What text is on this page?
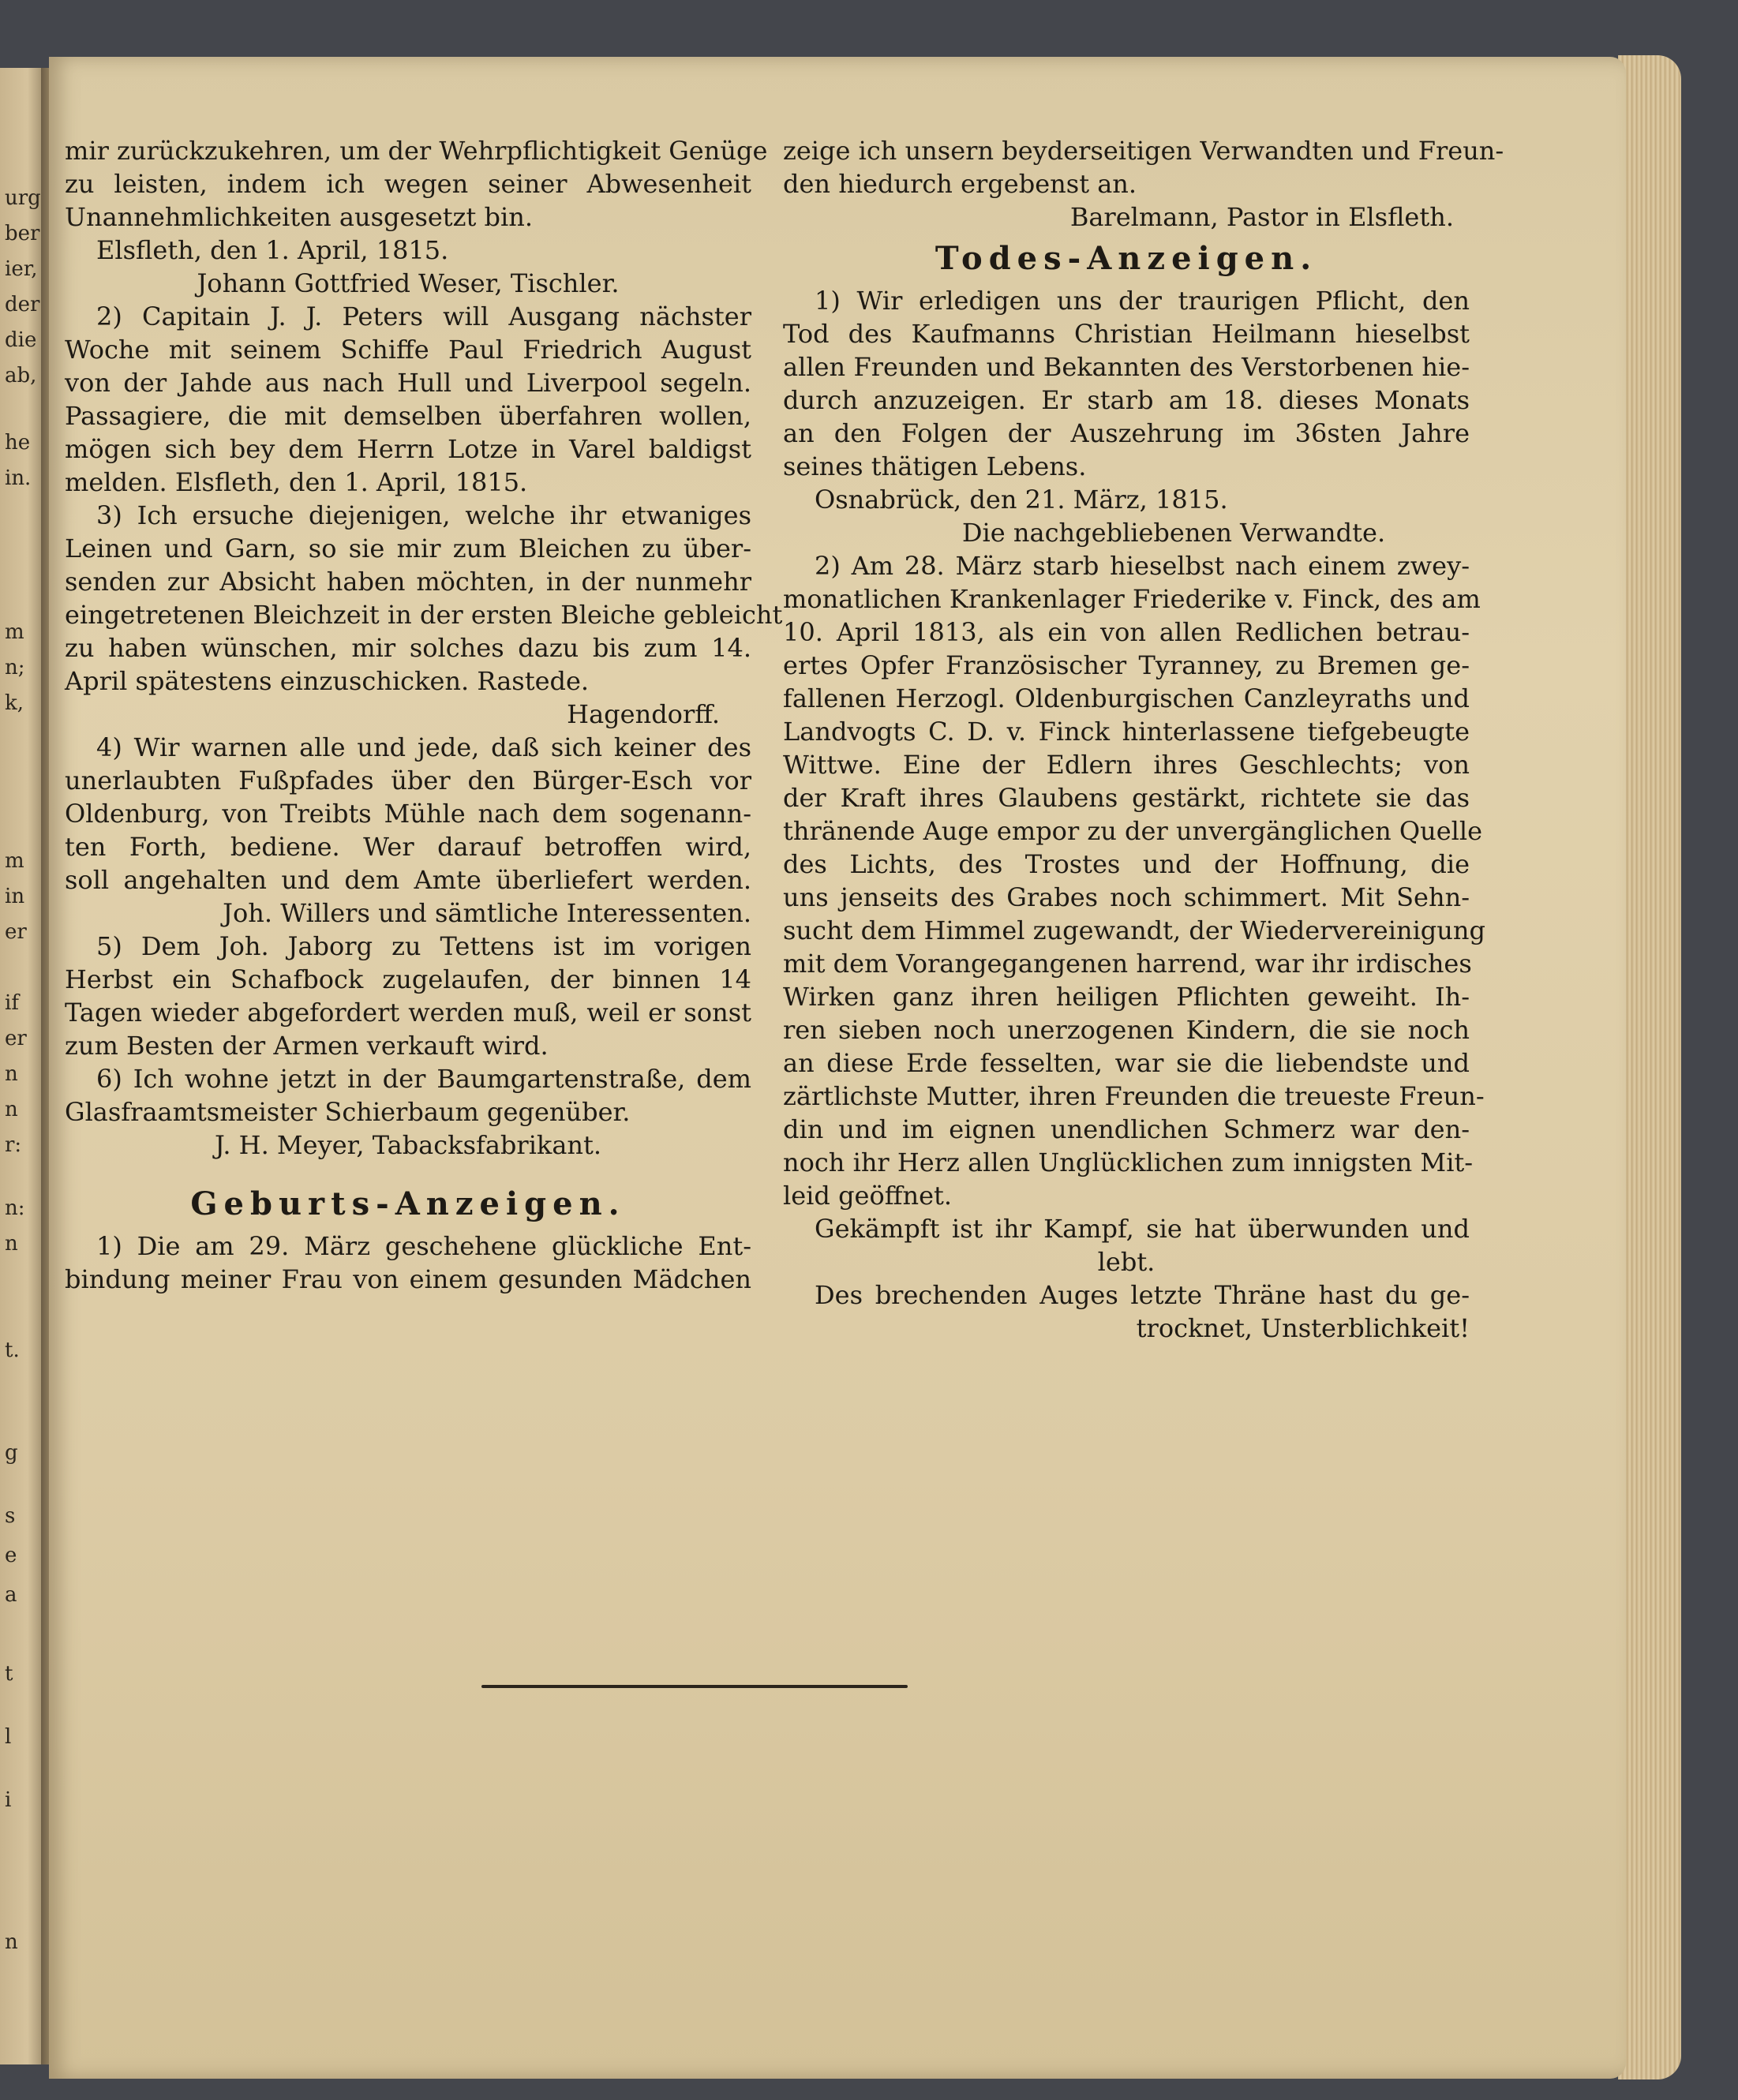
urg
ber
ier,
der
die
ab,
he
in.
m
n;
k,
m
in
er
if
er
n
n
r:
n:
n
t.
g
s
e
a
t
l
i
n
mir zurückzukehren, um der Wehrpflichtigkeit Genüge
zu leisten, indem ich wegen seiner Abwesenheit
Unannehmlichkeiten ausgesetzt bin.
Elsfleth, den 1. April, 1815.
Johann Gottfried Weser, Tischler.
2) Capitain J. J. Peters will Ausgang nächster
Woche mit seinem Schiffe Paul Friedrich August
von der Jahde aus nach Hull und Liverpool segeln.
Passagiere, die mit demselben überfahren wollen,
mögen sich bey dem Herrn Lotze in Varel baldigst
melden. Elsfleth, den 1. April, 1815.
3) Ich ersuche diejenigen, welche ihr etwaniges
Leinen und Garn, so sie mir zum Bleichen zu über-
senden zur Absicht haben möchten, in der nunmehr
eingetretenen Bleichzeit in der ersten Bleiche gebleicht
zu haben wünschen, mir solches dazu bis zum 14.
April spätestens einzuschicken. Rastede.
Hagendorff.
4) Wir warnen alle und jede, daß sich keiner des
unerlaubten Fußpfades über den Bürger-Esch vor
Oldenburg, von Treibts Mühle nach dem sogenann-
ten Forth, bediene. Wer darauf betroffen wird,
soll angehalten und dem Amte überliefert werden.
Joh. Willers und sämtliche Interessenten.
5) Dem Joh. Jaborg zu Tettens ist im vorigen
Herbst ein Schafbock zugelaufen, der binnen 14
Tagen wieder abgefordert werden muß, weil er sonst
zum Besten der Armen verkauft wird.
6) Ich wohne jetzt in der Baumgartenstraße, dem
Glasfraamtsmeister Schierbaum gegenüber.
J. H. Meyer, Tabacksfabrikant.
Geburts-Anzeigen.
1) Die am 29. März geschehene glückliche Ent-
bindung meiner Frau von einem gesunden Mädchen
zeige ich unsern beyderseitigen Verwandten und Freun-
den hiedurch ergebenst an.
Barelmann, Pastor in Elsfleth.
Todes-Anzeigen.
1) Wir erledigen uns der traurigen Pflicht, den
Tod des Kaufmanns Christian Heilmann hieselbst
allen Freunden und Bekannten des Verstorbenen hie-
durch anzuzeigen. Er starb am 18. dieses Monats
an den Folgen der Auszehrung im 36sten Jahre
seines thätigen Lebens.
Osnabrück, den 21. März, 1815.
Die nachgebliebenen Verwandte.
2) Am 28. März starb hieselbst nach einem zwey-
monatlichen Krankenlager Friederike v. Finck, des am
10. April 1813, als ein von allen Redlichen betrau-
ertes Opfer Französischer Tyranney, zu Bremen ge-
fallenen Herzogl. Oldenburgischen Canzleyraths und
Landvogts C. D. v. Finck hinterlassene tiefgebeugte
Wittwe. Eine der Edlern ihres Geschlechts; von
der Kraft ihres Glaubens gestärkt, richtete sie das
thränende Auge empor zu der unvergänglichen Quelle
des Lichts, des Trostes und der Hoffnung, die
uns jenseits des Grabes noch schimmert. Mit Sehn-
sucht dem Himmel zugewandt, der Wiedervereinigung
mit dem Vorangegangenen harrend, war ihr irdisches
Wirken ganz ihren heiligen Pflichten geweiht. Ih-
ren sieben noch unerzogenen Kindern, die sie noch
an diese Erde fesselten, war sie die liebendste und
zärtlichste Mutter, ihren Freunden die treueste Freun-
din und im eignen unendlichen Schmerz war den-
noch ihr Herz allen Unglücklichen zum innigsten Mit-
leid geöffnet.
Gekämpft ist ihr Kampf, sie hat überwunden und
lebt.
Des brechenden Auges letzte Thräne hast du ge-
trocknet, Unsterblichkeit!
